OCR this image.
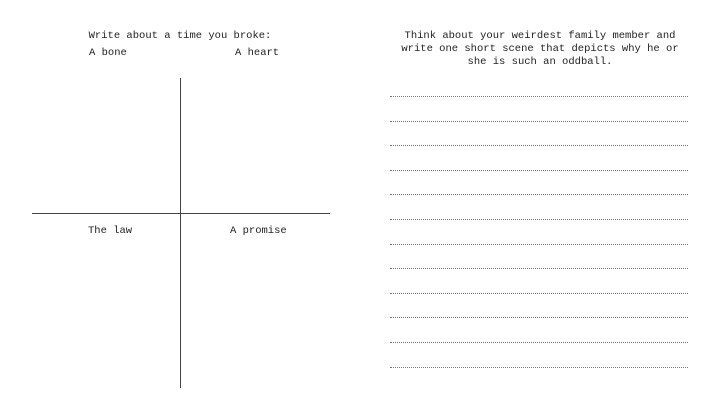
Write about a time you broke:
A bone	A heart
The law	A promise
Think about your weirdest family member and write one short scene that depicts why he or she is such an oddball.
